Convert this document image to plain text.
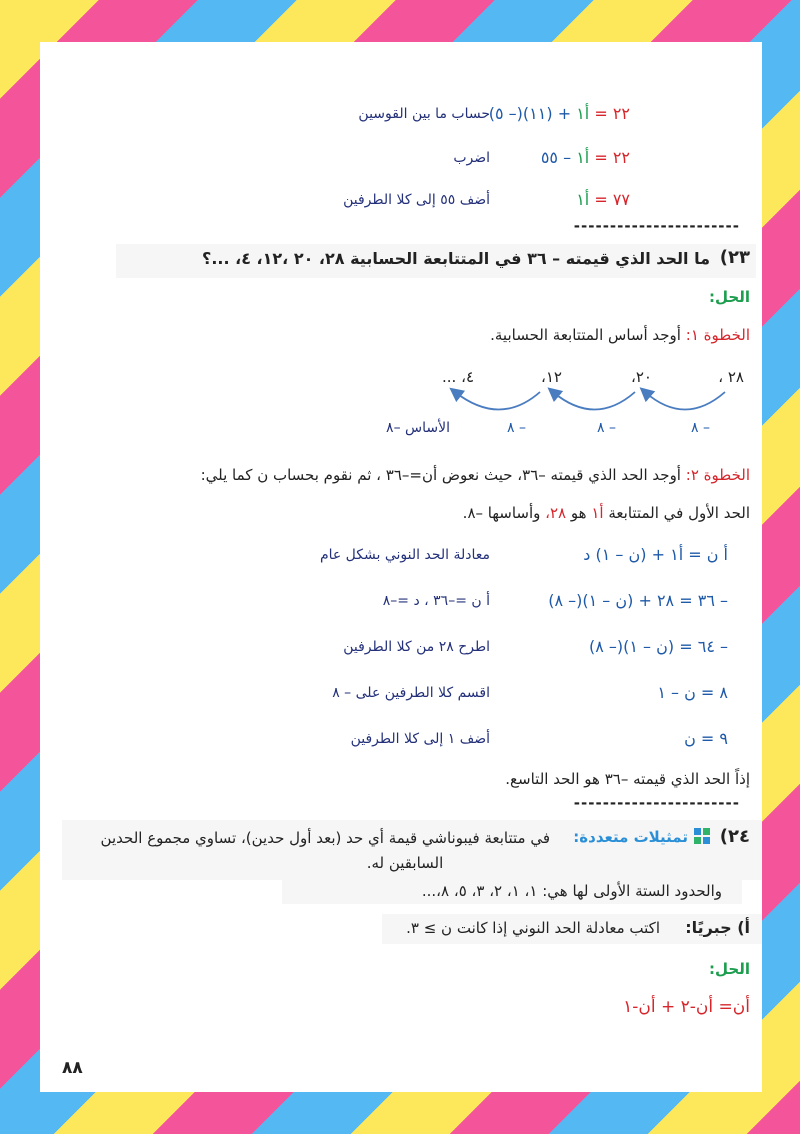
٢٢ = أ١ + (١١)(– ٥)
حساب ما بين القوسين
٢٢ = أ١ – ٥٥
اضرب
٧٧ = أ١
أضف ٥٥ إلى كلا الطرفين
-----------------------
٢٣)
ما الحد الذي قيمته – ٣٦ في المتتابعة الحسابية ٢٨، ٢٠ ،١٢، ٤، ...؟
الحل:
الخطوة ١: أوجد أساس المتتابعة الحسابية.
٢٨ ،
٢٠،
١٢،
٤، ...
– ٨
– ٨
– ٨
الأساس –٨
الخطوة ٢: أوجد الحد الذي قيمته –٣٦، حيث نعوض أن=–٣٦ ، ثم نقوم بحساب ن كما يلي:
الحد الأول في المتتابعة أ١ هو ٢٨، وأساسها –٨.
أ ن = أ١ + (ن – ١) د
معادلة الحد النوني بشكل عام
– ٣٦ = ٢٨ + (ن – ١)(– ٨)
أ ن =–٣٦ ، د =–٨
– ٦٤ = (ن – ١)(– ٨)
اطرح ٢٨ من كلا الطرفين
٨ = ن – ١
اقسم كلا الطرفين على – ٨
٩ = ن
أضف ١ إلى كلا الطرفين
إذاً الحد الذي قيمته –٣٦ هو الحد التاسع.
-----------------------
٢٤)
تمثيلات متعددة:
في متتابعة فيبوناشي قيمة أي حد (بعد أول حدين)، تساوي مجموع الحدين
السابقين له.
والحدود الستة الأولى لها هي: ١، ١، ٢، ٣، ٥، ٨،...
أ) جبريًا:
اكتب معادلة الحد النوني إذا كانت ن ≥ ٣.
الحل:
أن= أن-٢ + أن-١
٨٨
